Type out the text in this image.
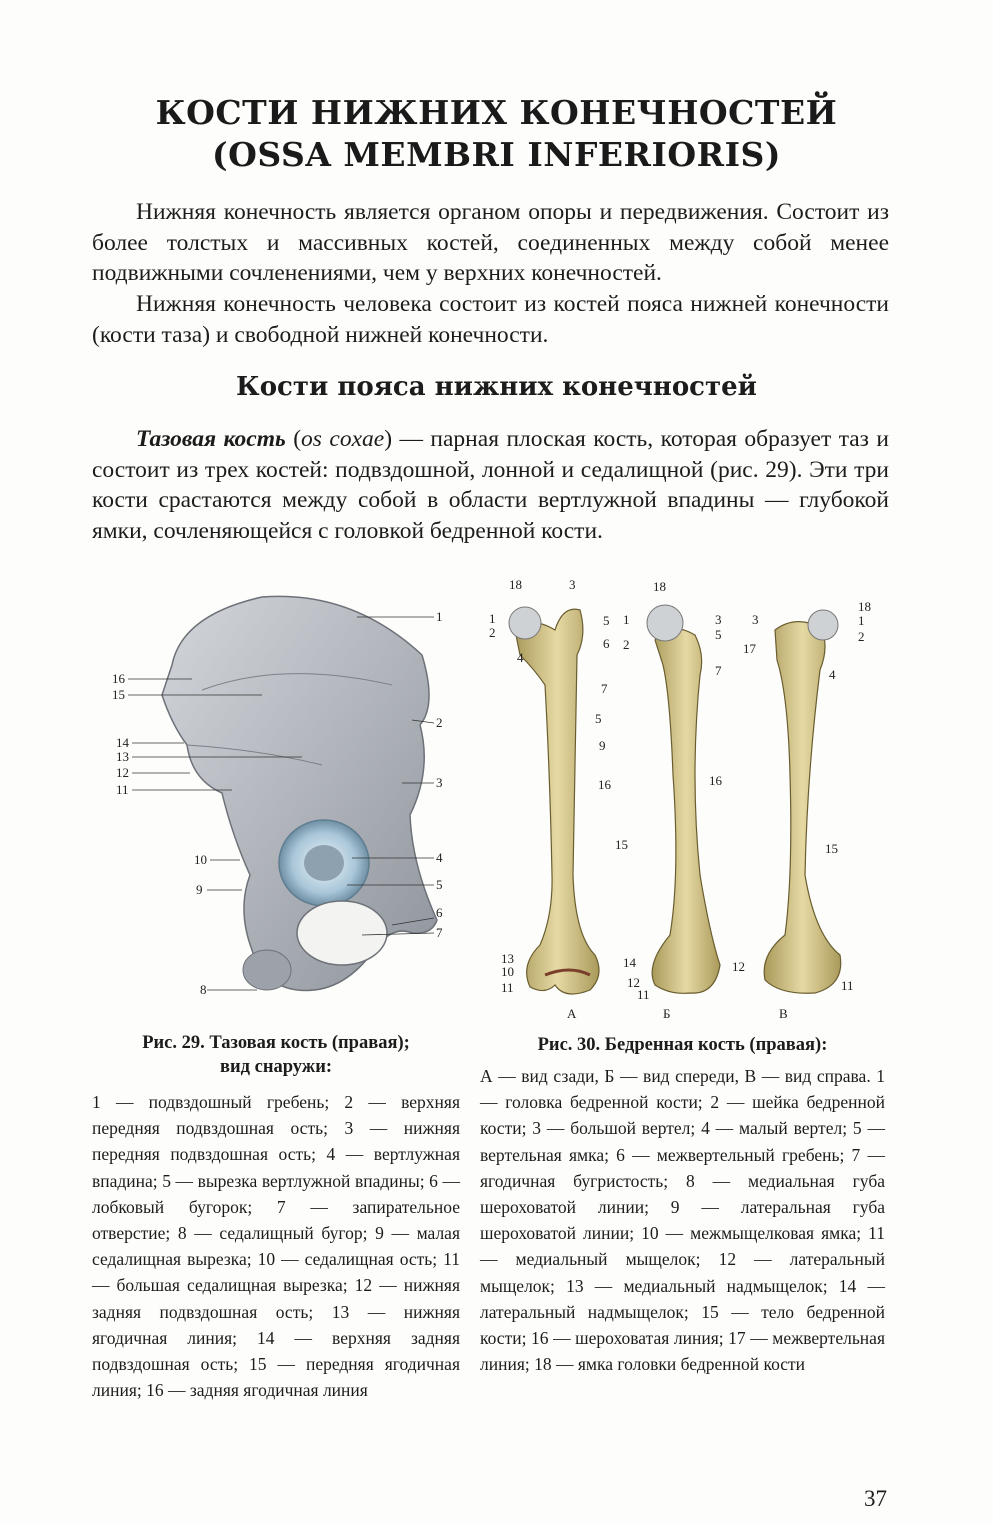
КОСТИ НИЖНИХ КОНЕЧНОСТЕЙ
(OSSA MEMBRI INFERIORIS)

Нижняя конечность является органом опоры и передвижения. Состоит из более толстых и массивных костей, соединенных между собой менее подвижными сочленениями, чем у верхних конечностей.

Нижняя конечность человека состоит из костей пояса нижней конечности (кости таза) и свободной нижней конечности.

Кости пояса нижних конечностей

Тазовая кость (os coxae) — парная плоская кость, которая образует таз и состоит из трех костей: подвздошной, лонной и седалищной (рис. 29). Эти три кости срастаются между собой в области вертлужной впадины — глубокой ямки, сочленяющейся с головкой бедренной кости.

1
2
3
4
5
6
7
16
15
14
13
12
11
10
9
8
18	3
1
2
5
6
4
7
5
9
16
15
13
10
11
14
12
18
1
2
3
5
7
16
11
18
3	1
2
17
4
15
12
11
А	Б	В
Рис. 29. Тазовая кость (правая);
вид снаружи:

1 — подвздошный гребень; 2 — верхняя передняя подвздошная ость; 3 — нижняя передняя подвздошная ость; 4 — вертлужная впадина; 5 — вырезка вертлужной впадины; 6 — лобковый бугорок; 7 — запирательное отверстие; 8 — седалищный бугор; 9 — малая седалищная вырезка; 10 — седалищная ость; 11 — большая седалищная вырезка; 12 — нижняя задняя подвздошная ость; 13 — нижняя ягодичная линия; 14 — верхняя задняя подвздошная ость; 15 — передняя ягодичная линия; 16 — задняя ягодичная линия

Рис. 30. Бедренная кость (правая):

А — вид сзади, Б — вид спереди, В — вид справа. 1 — головка бедренной кости; 2 — шейка бедренной кости; 3 — большой вертел; 4 — малый вертел; 5 — вертельная ямка; 6 — межвертельный гребень; 7 — ягодичная бугристость; 8 — медиальная губа шероховатой линии; 9 — латеральная губа шероховатой линии; 10 — межмыщелковая ямка; 11 — медиальный мыщелок; 12 — латеральный мыщелок; 13 — медиальный надмыщелок; 14 — латеральный надмыщелок; 15 — тело бедренной кости; 16 — шероховатая линия; 17 — межвертельная линия; 18 — ямка головки бедренной кости

37
